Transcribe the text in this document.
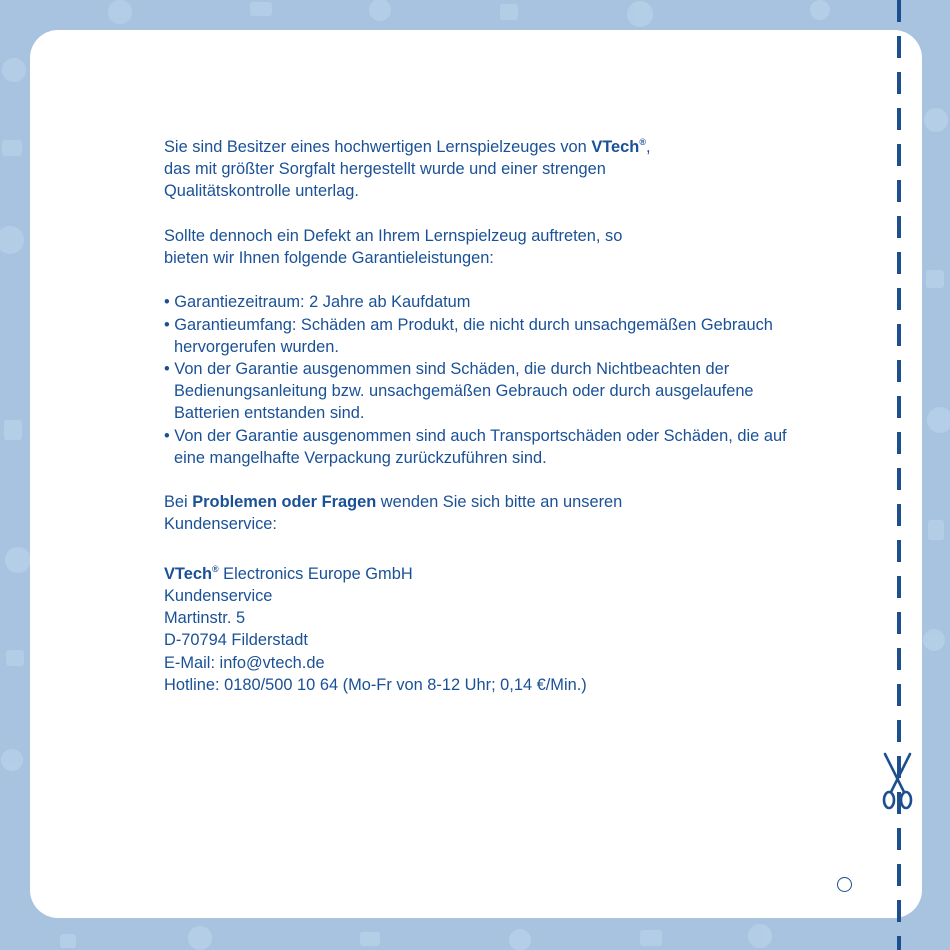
Sie sind Besitzer eines hochwertigen Lernspielzeuges von VTech®,
das mit größter Sorgfalt hergestellt wurde und einer strengen
Qualitätskontrolle unterlag.

Sollte dennoch ein Defekt an Ihrem Lernspielzeug auftreten, so
bieten wir Ihnen folgende Garantieleistungen:

• Garantiezeitraum: 2 Jahre ab Kaufdatum
• Garantieumfang: Schäden am Produkt, die nicht durch unsachgemäßen Gebrauch hervorgerufen wurden.
• Von der Garantie ausgenommen sind Schäden, die durch Nichtbeachten der Bedienungsanleitung bzw. unsachgemäßen Gebrauch oder durch ausgelaufene Batterien entstanden sind.
• Von der Garantie ausgenommen sind auch Transportschäden oder Schäden, die auf eine mangelhafte Verpackung zurückzuführen sind.

Bei Problemen oder Fragen wenden Sie sich bitte an unseren
Kundenservice:

VTech® Electronics Europe GmbH
Kundenservice
Martinstr. 5
D-70794 Filderstadt
E-Mail: info@vtech.de
Hotline: 0180/500 10 64 (Mo-Fr von 8-12 Uhr; 0,14 €/Min.)
